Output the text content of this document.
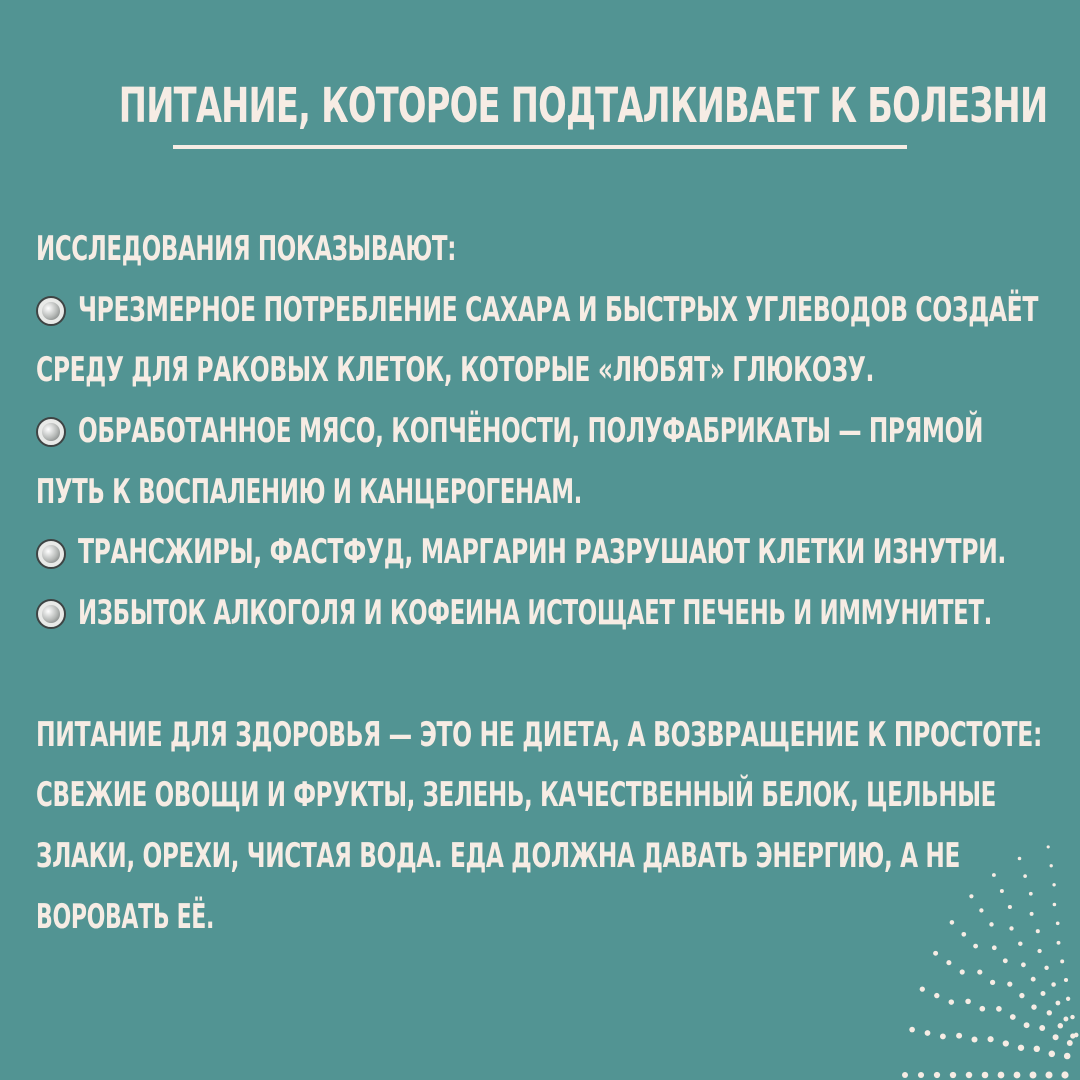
ПИТАНИЕ, КОТОРОЕ ПОДТАЛКИВАЕТ К БОЛЕЗНИ
ИССЛЕДОВАНИЯ ПОКАЗЫВАЮТ:
ЧРЕЗМЕРНОЕ ПОТРЕБЛЕНИЕ САХАРА И БЫСТРЫХ УГЛЕВОДОВ СОЗДАЁТ
СРЕДУ ДЛЯ РАКОВЫХ КЛЕТОК, КОТОРЫЕ «ЛЮБЯТ» ГЛЮКОЗУ.
ОБРАБОТАННОЕ МЯСО, КОПЧЁНОСТИ, ПОЛУФАБРИКАТЫ — ПРЯМОЙ
ПУТЬ К ВОСПАЛЕНИЮ И КАНЦЕРОГЕНАМ.
ТРАНСЖИРЫ, ФАСТФУД, МАРГАРИН РАЗРУШАЮТ КЛЕТКИ ИЗНУТРИ.
ИЗБЫТОК АЛКОГОЛЯ И КОФЕИНА ИСТОЩАЕТ ПЕЧЕНЬ И ИММУНИТЕТ.
ПИТАНИЕ ДЛЯ ЗДОРОВЬЯ — ЭТО НЕ ДИЕТА, А ВОЗВРАЩЕНИЕ К ПРОСТОТЕ:
СВЕЖИЕ ОВОЩИ И ФРУКТЫ, ЗЕЛЕНЬ, КАЧЕСТВЕННЫЙ БЕЛОК, ЦЕЛЬНЫЕ
ЗЛАКИ, ОРЕХИ, ЧИСТАЯ ВОДА. ЕДА ДОЛЖНА ДАВАТЬ ЭНЕРГИЮ, А НЕ
ВОРОВАТЬ ЕЁ.
